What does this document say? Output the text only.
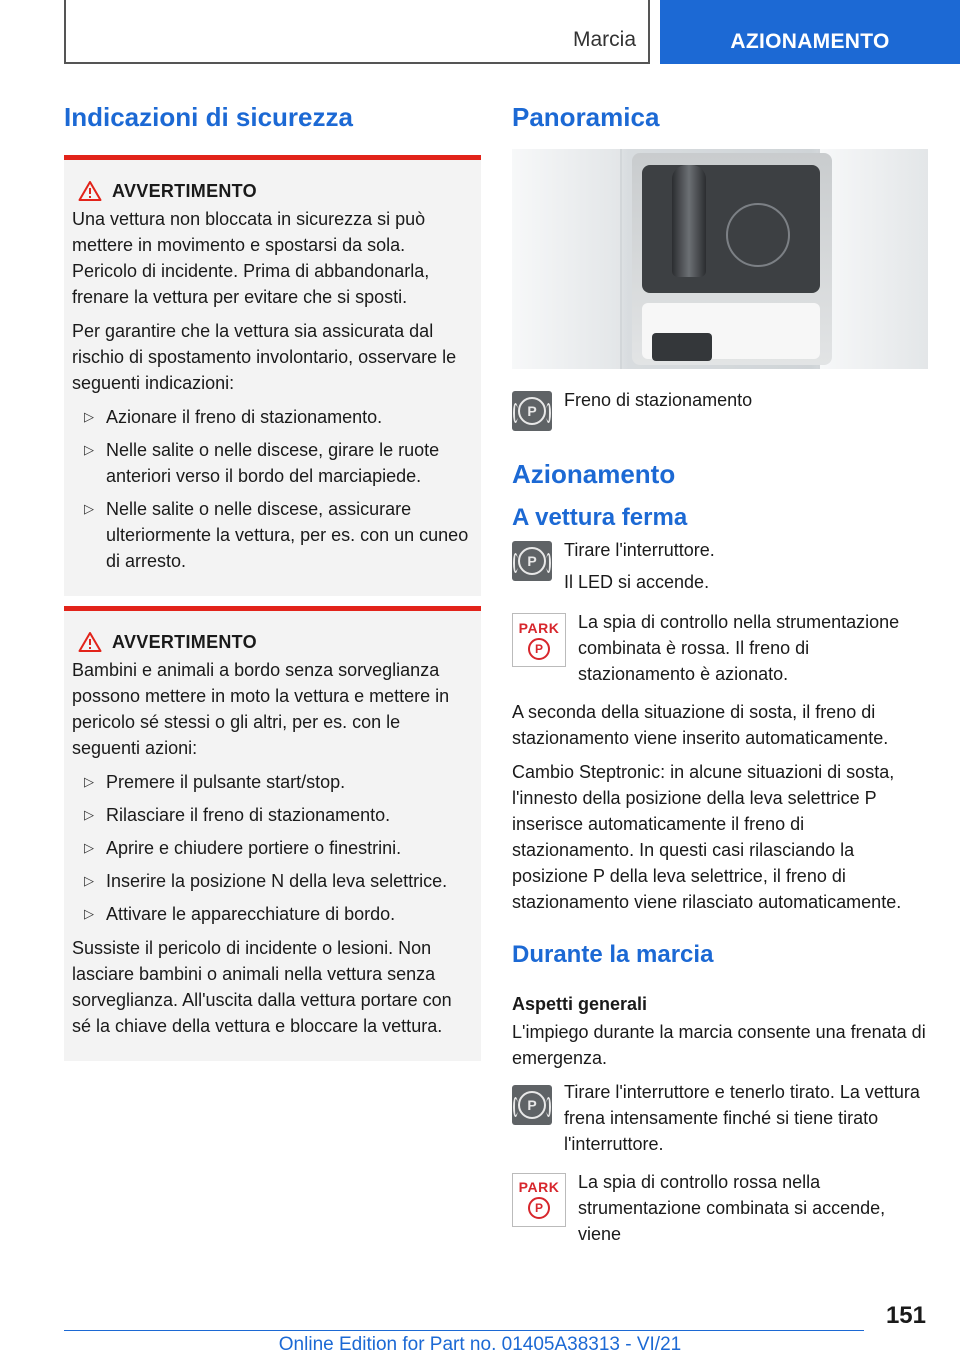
Marcia	AZIONAMENTO
Indicazioni di sicurezza
AVVERTIMENTO

Una vettura non bloccata in sicurezza si può mettere in movimento e spostarsi da sola. Pericolo di incidente. Prima di abbandonarla, frenare la vettura per evitare che si sposti.

Per garantire che la vettura sia assicurata dal rischio di spostamento involontario, osservare le seguenti indicazioni:

▷ Azionare il freno di stazionamento.
▷ Nelle salite o nelle discese, girare le ruote anteriori verso il bordo del marciapiede.
▷ Nelle salite o nelle discese, assicurare ulteriormente la vettura, per es. con un cuneo di arresto.
AVVERTIMENTO

Bambini e animali a bordo senza sorveglianza possono mettere in moto la vettura e mettere in pericolo sé stessi o gli altri, per es. con le seguenti azioni:

▷ Premere il pulsante start/stop.
▷ Rilasciare il freno di stazionamento.
▷ Aprire e chiudere portiere o finestrini.
▷ Inserire la posizione N della leva selettrice.
▷ Attivare le apparecchiature di bordo.

Sussiste il pericolo di incidente o lesioni. Non lasciare bambini o animali nella vettura senza sorveglianza. All'uscita dalla vettura portare con sé la chiave della vettura e bloccare la vettura.

Panoramica
P

Freno di stazionamento

Azionamento
A vettura ferma
P

Tirare l'interruttore.

Il LED si accende.

PARK
P

La spia di controllo nella strumentazione combinata è rossa. Il freno di stazionamento è azionato.

A seconda della situazione di sosta, il freno di stazionamento viene inserito automaticamente.

Cambio Steptronic: in alcune situazioni di sosta, l'innesto della posizione della leva selettrice P inserisce automaticamente il freno di stazionamento. In questi casi rilasciando la posizione P della leva selettrice, il freno di stazionamento viene rilasciato automaticamente.

Durante la marcia
Aspetti generali

L'impiego durante la marcia consente una frenata di emergenza.

P

Tirare l'interruttore e tenerlo tirato. La vettura frena intensamente finché si tiene tirato l'interruttore.

PARK
P

La spia di controllo rossa nella strumentazione combinata si accende, viene

151
Online Edition for Part no. 01405A38313 - VI/21
